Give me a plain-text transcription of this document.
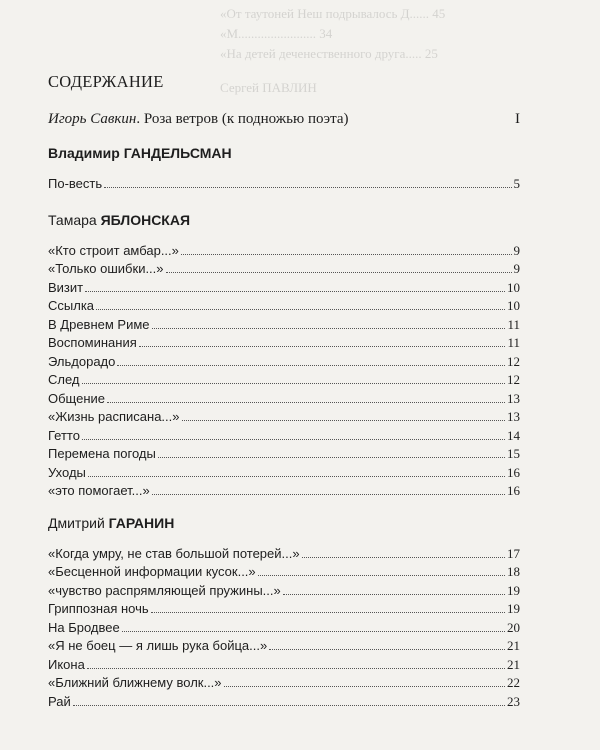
«От таутоней Неш подрывалось Д...... 45
«М........................ 34
«На детей деченественного друга..... 25
Сергей ПАВЛИН
СОДЕРЖАНИЕ
Игорь Савкин . Роза ветров (к подножью поэта)	I
Владимир ГАНДЕЛЬСМАН
По-весть	5
Тамара ЯБЛОНСКАЯ
«Кто строит амбар...»	9
«Только ошибки...»	9
Визит	10
Ссылка	10
В Древнем Риме	11
Воспоминания	11
Эльдорадо	12
След	12
Общение	13
«Жизнь расписана...»	13
Гетто	14
Перемена погоды	15
Уходы	16
«это помогает...»	16
Дмитрий ГАРАНИН
«Когда умру, не став большой потерей...»	17
«Бесценной информации кусок...»	18
«чувство распрямляющей пружины...»	19
Гриппозная ночь	19
На Бродвее	20
«Я не боец — я лишь рука бойца...»	21
Икона	21
«Ближний ближнему волк...»	22
Рай	23
